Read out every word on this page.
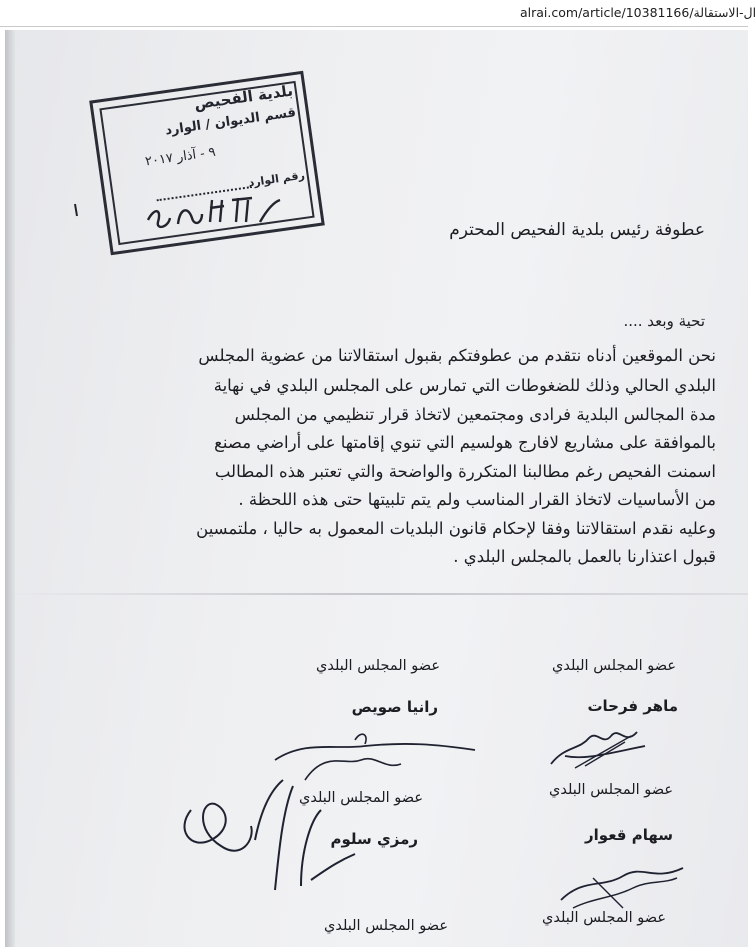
alrai.com/article/10381166/ال-الاستقالة
بلدية الفحيص
قسم الديوان / الوارد
٩ - آذار ٢٠١٧
رقم الوارد
عطوفة رئيس بلدية الفحيص المحترم
تحية وبعد ....
نحن الموقعين أدناه نتقدم من عطوفتكم بقبول استقالاتنا من عضوية المجلس
البلدي الحالي وذلك للضغوطات التي تمارس على المجلس البلدي في نهاية
مدة المجالس البلدية فرادى ومجتمعين لاتخاذ قرار تنظيمي من المجلس
بالموافقة على مشاريع لافارج هولسيم التي تنوي إقامتها على أراضي مصنع
اسمنت الفحيص رغم مطالبنا المتكررة والواضحة والتي تعتبر هذه المطالب
من الأساسيات لاتخاذ القرار المناسب ولم يتم تلبيتها حتى هذه اللحظة .
وعليه نقدم استقالاتنا وفقا لإحكام قانون البلديات المعمول به حاليا ، ملتمسين
قبول اعتذارنا بالعمل بالمجلس البلدي .
عضو المجلس البلدي
ماهر فرحات
عضو المجلس البلدي
سهام قعوار
عضو المجلس البلدي
عضو المجلس البلدي
رانيا صويص
عضو المجلس البلدي
رمزي سلوم
عضو المجلس البلدي
